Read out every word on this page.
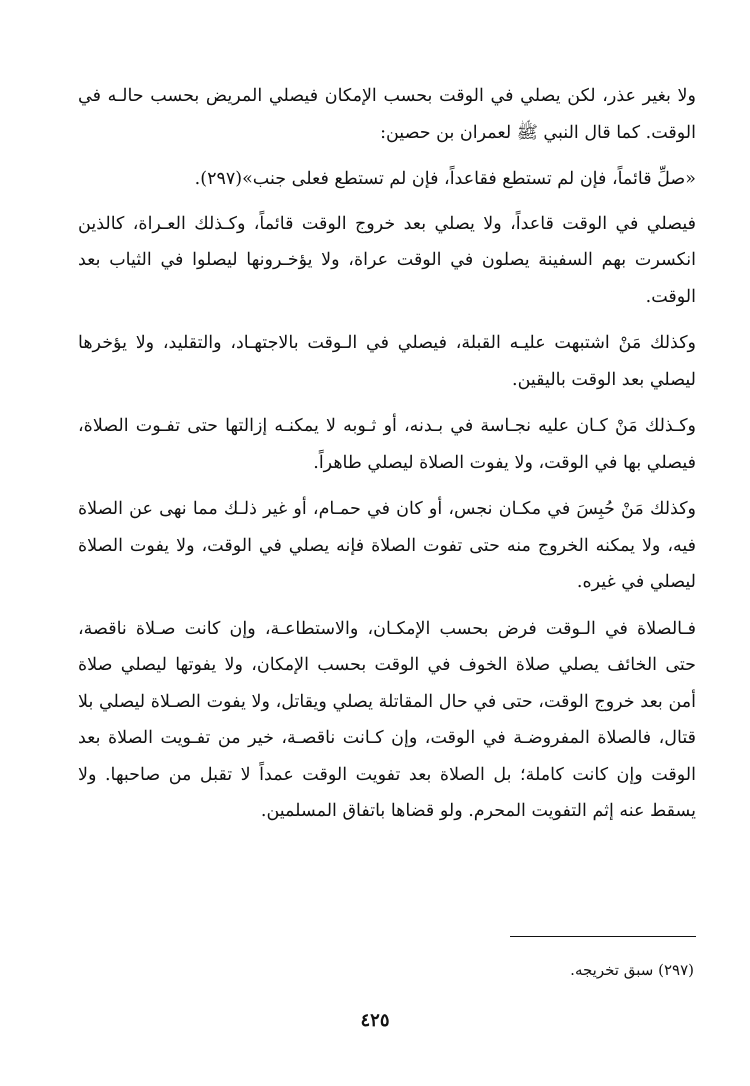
ولا بغير عذر، لكن يصلي في الوقت بحسب الإمكان فيصلي المريض بحسب حالـه في الوقت. كما قال النبي ﷺ لعمران بن حصين:

«صلِّ قائماً، فإن لم تستطع فقاعداً، فإن لم تستطع فعلى جنب»(٢٩٧).

فيصلي في الوقت قاعداً، ولا يصلي بعد خروج الوقت قائماً، وكـذلك العـراة، كالذين انكسرت بهم السفينة يصلون في الوقت عراة، ولا يؤخـرونها ليصلوا في الثياب بعد الوقت.

وكذلك مَنْ اشتبهت عليـه القبلة، فيصلي في الـوقت بالاجتهـاد، والتقليد، ولا يؤخرها ليصلي بعد الوقت باليقين.

وكـذلك مَنْ كـان عليه نجـاسة في بـدنه، أو ثـوبه لا يمكنـه إزالتها حتى تفـوت الصلاة، فيصلي بها في الوقت، ولا يفوت الصلاة ليصلي طاهراً.

وكذلك مَنْ حُبِسَ في مكـان نجس، أو كان في حمـام، أو غير ذلـك مما نهى عن الصلاة فيه، ولا يمكنه الخروج منه حتى تفوت الصلاة فإنه يصلي في الوقت، ولا يفوت الصلاة ليصلي في غيره.

فـالصلاة في الـوقت فرض بحسب الإمكـان، والاستطاعـة، وإن كانت صـلاة ناقصة، حتى الخائف يصلي صلاة الخوف في الوقت بحسب الإمكان، ولا يفوتها ليصلي صلاة أمن بعد خروج الوقت، حتى في حال المقاتلة يصلي ويقاتل، ولا يفوت الصـلاة ليصلي بلا قتال، فالصلاة المفروضـة في الوقت، وإن كـانت ناقصـة، خير من تفـويت الصلاة بعد الوقت وإن كانت كاملة؛ بل الصلاة بعد تفويت الوقت عمداً لا تقبل من صاحبها. ولا يسقط عنه إثم التفويت المحرم. ولو قضاها باتفاق المسلمين.

(٢٩٧) سبق تخريجه.
٤٢٥
